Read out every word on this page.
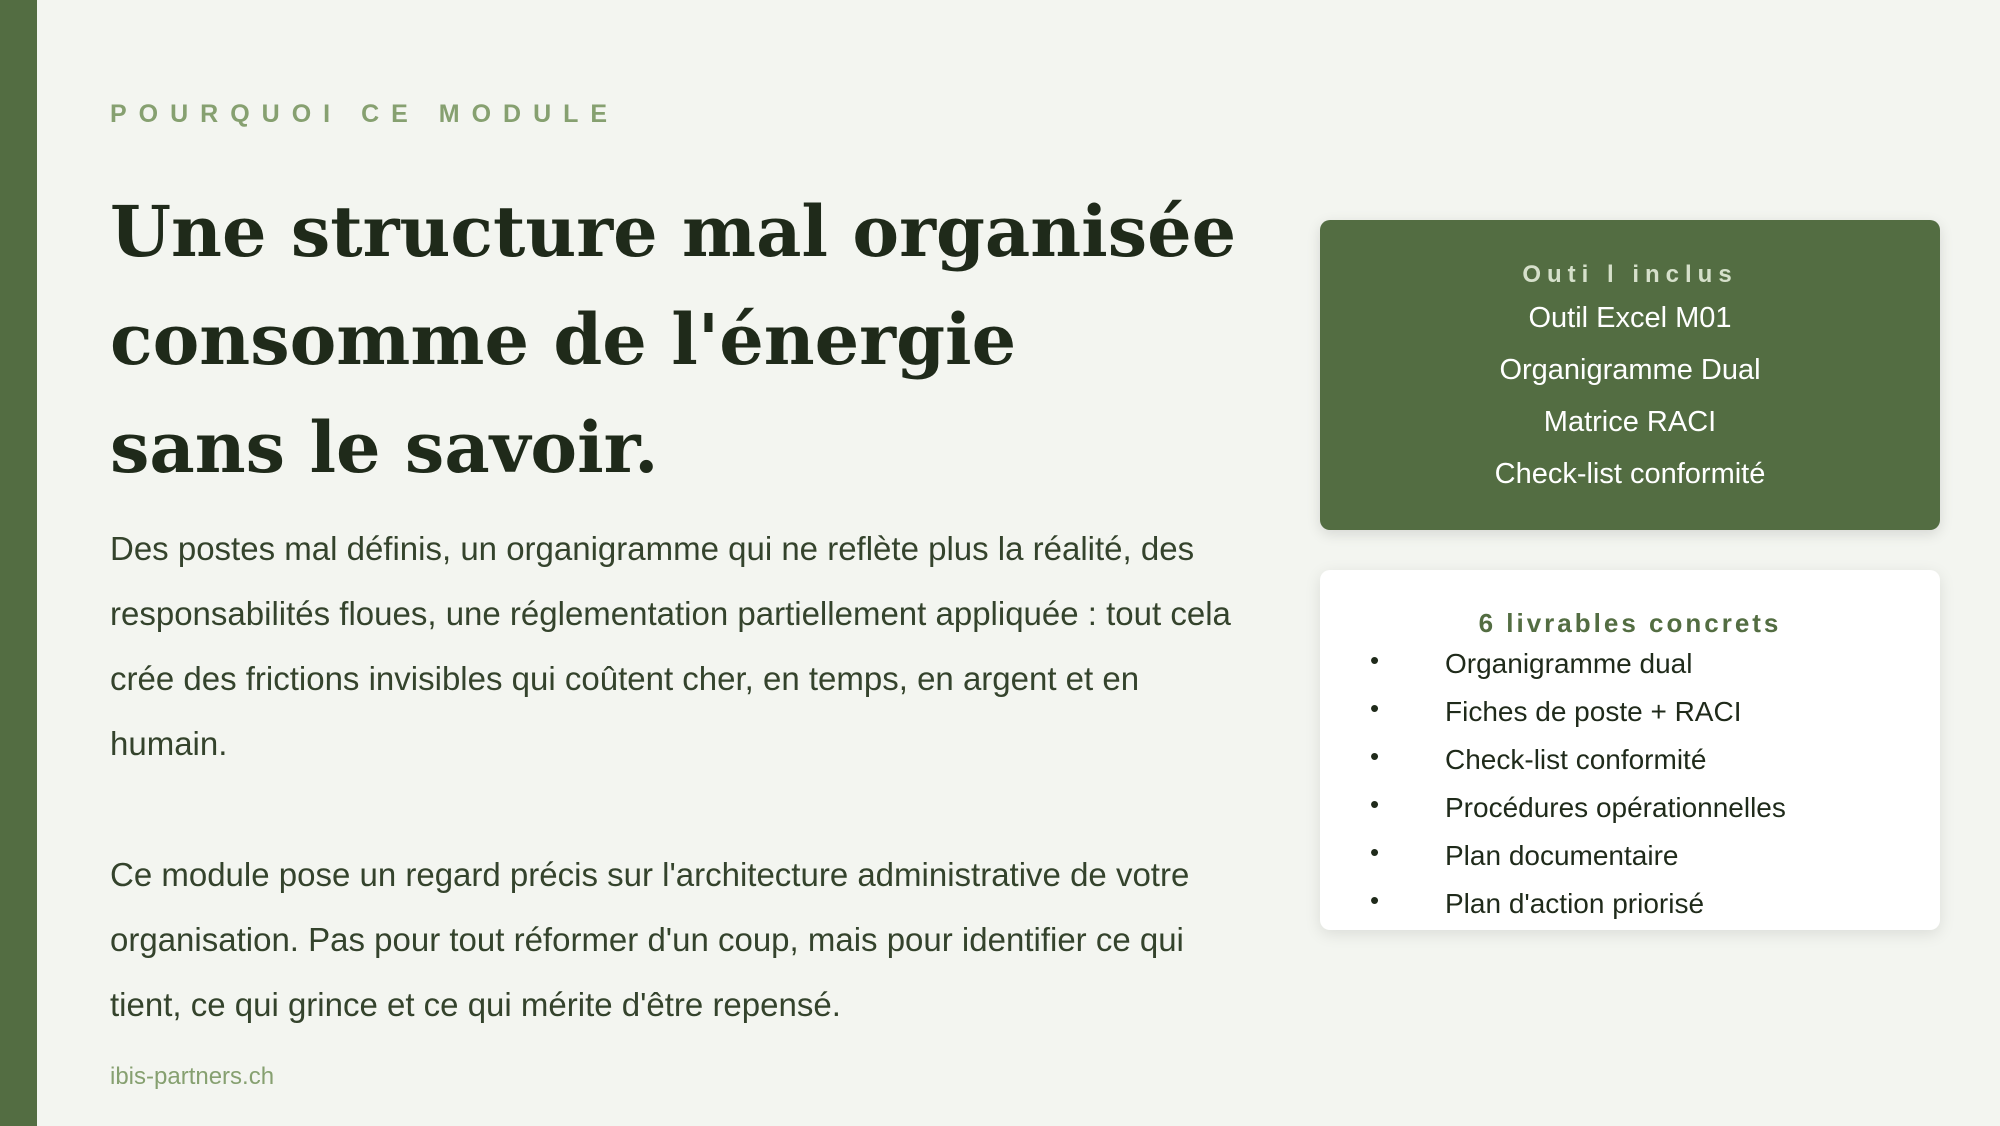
POURQUOI CE MODULE
Une structure mal organisée
consomme de l'énergie
sans le savoir.

Des postes mal définis, un organigramme qui ne reflète plus la réalité, des responsabilités floues, une réglementation partiellement appliquée : tout cela crée des frictions invisibles qui coûtent cher, en temps, en argent et en humain.

Ce module pose un regard précis sur l'architecture administrative de votre organisation. Pas pour tout réformer d'un coup, mais pour identifier ce qui tient, ce qui grince et ce qui mérite d'être repensé.

ibis-partners.ch
Outi l inclus
Outil Excel M01
Organigramme Dual
Matrice RACI
Check-list conformité
6 livrables concrets
• Organigramme dual
• Fiches de poste + RACI
• Check-list conformité
• Procédures opérationnelles
• Plan documentaire
• Plan d'action priorisé
